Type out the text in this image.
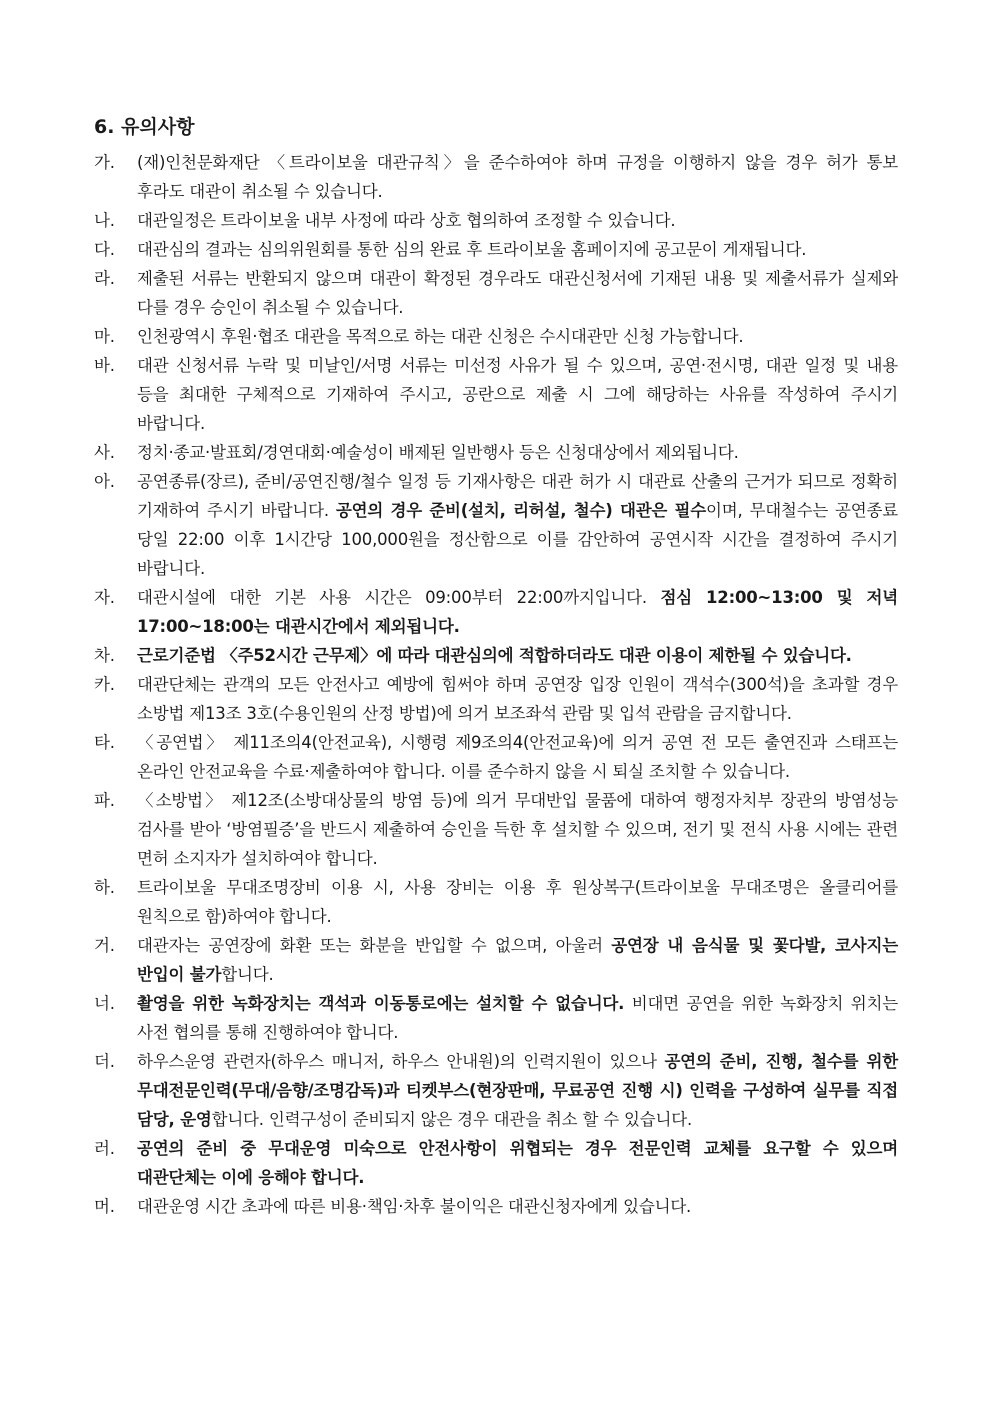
6. 유의사항
가.	(재)인천문화재단 〈트라이보울 대관규칙〉을 준수하여야 하며 규정을 이행하지 않을 경우 허가 통보 후라도 대관이 취소될 수 있습니다.
나.	대관일정은 트라이보울 내부 사정에 따라 상호 협의하여 조정할 수 있습니다.
다.	대관심의 결과는 심의위원회를 통한 심의 완료 후 트라이보울 홈페이지에 공고문이 게재됩니다.
라.	제출된 서류는 반환되지 않으며 대관이 확정된 경우라도 대관신청서에 기재된 내용 및 제출서류가 실제와 다를 경우 승인이 취소될 수 있습니다.
마.	인천광역시 후원·협조 대관을 목적으로 하는 대관 신청은 수시대관만 신청 가능합니다.
바.	대관 신청서류 누락 및 미날인/서명 서류는 미선정 사유가 될 수 있으며, 공연·전시명, 대관 일정 및 내용 등을 최대한 구체적으로 기재하여 주시고, 공란으로 제출 시 그에 해당하는 사유를 작성하여 주시기 바랍니다.
사.	정치·종교·발표회/경연대회·예술성이 배제된 일반행사 등은 신청대상에서 제외됩니다.
아.	공연종류(장르), 준비/공연진행/철수 일정 등 기재사항은 대관 허가 시 대관료 산출의 근거가 되므로 정확히 기재하여 주시기 바랍니다. 공연의 경우 준비(설치, 리허설, 철수) 대관은 필수이며, 무대철수는 공연종료 당일 22:00 이후 1시간당 100,000원을 정산함으로 이를 감안하여 공연시작 시간을 결정하여 주시기 바랍니다.
자.	대관시설에 대한 기본 사용 시간은 09:00부터 22:00까지입니다. 점심 12:00~13:00 및 저녁 17:00~18:00는 대관시간에서 제외됩니다.
차.	근로기준법 〈주52시간 근무제〉에 따라 대관심의에 적합하더라도 대관 이용이 제한될 수 있습니다.
카.	대관단체는 관객의 모든 안전사고 예방에 힘써야 하며 공연장 입장 인원이 객석수(300석)을 초과할 경우 소방법 제13조 3호(수용인원의 산정 방법)에 의거 보조좌석 관람 및 입석 관람을 금지합니다.
타.	〈공연법〉 제11조의4(안전교육), 시행령 제9조의4(안전교육)에 의거 공연 전 모든 출연진과 스태프는 온라인 안전교육을 수료·제출하여야 합니다. 이를 준수하지 않을 시 퇴실 조치할 수 있습니다.
파.	〈소방법〉 제12조(소방대상물의 방염 등)에 의거 무대반입 물품에 대하여 행정자치부 장관의 방염성능 검사를 받아 ‘방염필증’을 반드시 제출하여 승인을 득한 후 설치할 수 있으며, 전기 및 전식 사용 시에는 관련 면허 소지자가 설치하여야 합니다.
하.	트라이보울 무대조명장비 이용 시, 사용 장비는 이용 후 원상복구(트라이보울 무대조명은 올클리어를 원칙으로 함)하여야 합니다.
거.	대관자는 공연장에 화환 또는 화분을 반입할 수 없으며, 아울러 공연장 내 음식물 및 꽃다발, 코사지는 반입이 불가합니다.
너.	촬영을 위한 녹화장치는 객석과 이동통로에는 설치할 수 없습니다. 비대면 공연을 위한 녹화장치 위치는 사전 협의를 통해 진행하여야 합니다.
더.	하우스운영 관련자(하우스 매니저, 하우스 안내원)의 인력지원이 있으나 공연의 준비, 진행, 철수를 위한 무대전문인력(무대/음향/조명감독)과 티켓부스(현장판매, 무료공연 진행 시) 인력을 구성하여 실무를 직접 담당, 운영합니다. 인력구성이 준비되지 않은 경우 대관을 취소 할 수 있습니다.
러.	공연의 준비 중 무대운영 미숙으로 안전사항이 위협되는 경우 전문인력 교체를 요구할 수 있으며 대관단체는 이에 응해야 합니다.
머.	대관운영 시간 초과에 따른 비용·책임·차후 불이익은 대관신청자에게 있습니다.
